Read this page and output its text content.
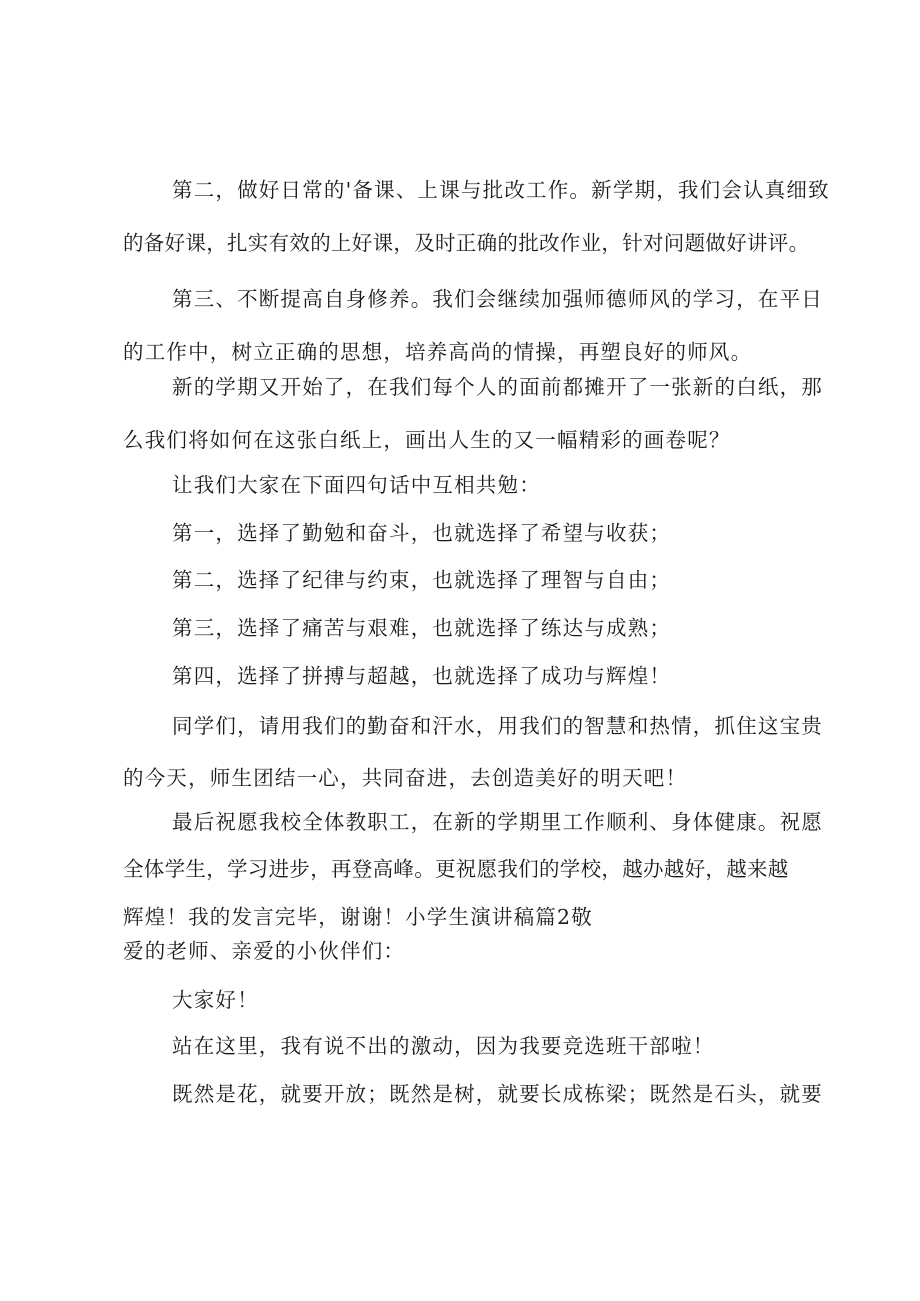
第二，做好日常的'备课、上课与批改工作。新学期，我们会认真细致
的备好课，扎实有效的上好课，及时正确的批改作业，针对问题做好讲评。
第三、不断提高自身修养。我们会继续加强师德师风的学习，在平日
的工作中，树立正确的思想，培养高尚的情操，再塑良好的师风。
新的学期又开始了，在我们每个人的面前都摊开了一张新的白纸，那
么我们将如何在这张白纸上，画出人生的又一幅精彩的画卷呢？
让我们大家在下面四句话中互相共勉：
第一，选择了勤勉和奋斗，也就选择了希望与收获；
第二，选择了纪律与约束，也就选择了理智与自由；
第三，选择了痛苦与艰难，也就选择了练达与成熟；
第四，选择了拼搏与超越，也就选择了成功与辉煌！
同学们，请用我们的勤奋和汗水，用我们的智慧和热情，抓住这宝贵
的今天，师生团结一心，共同奋进，去创造美好的明天吧！
最后祝愿我校全体教职工，在新的学期里工作顺利、身体健康。祝愿
全体学生，学习进步，再登高峰。更祝愿我们的学校，越办越好，越来越
辉煌！我的发言完毕，谢谢！小学生演讲稿篇2敬
爱的老师、亲爱的小伙伴们：
大家好！
站在这里，我有说不出的激动，因为我要竞选班干部啦！
既然是花，就要开放；既然是树，就要长成栋梁；既然是石头，就要
